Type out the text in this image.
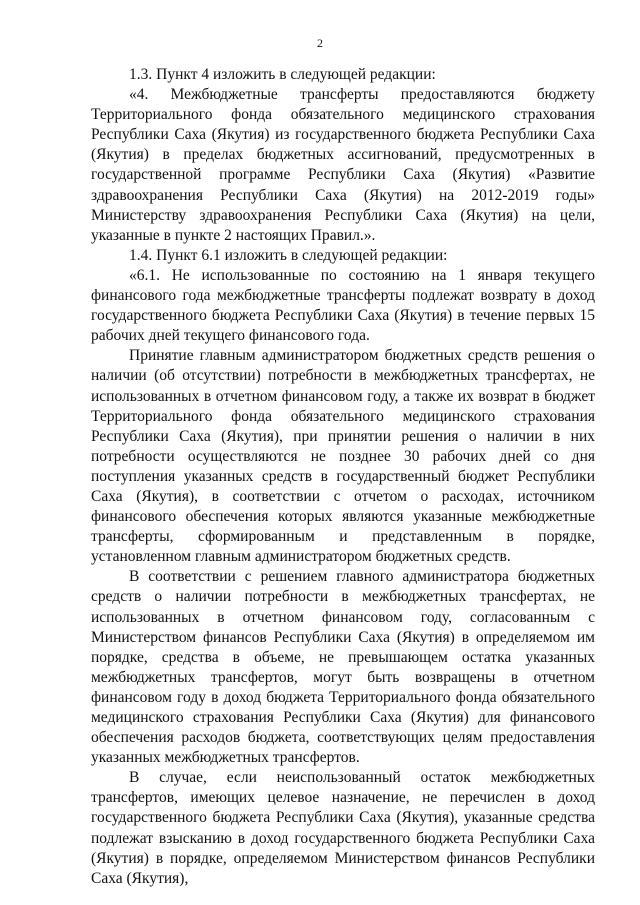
2

1.3. Пункт 4 изложить в следующей редакции:

«4. Межбюджетные трансферты предоставляются бюджету Территориального фонда обязательного медицинского страхования Республики Саха (Якутия) из государственного бюджета Республики Саха (Якутия) в пределах бюджетных ассигнований, предусмотренных в государственной программе Республики Саха (Якутия) «Развитие здравоохранения Республики Саха (Якутия) на 2012-2019 годы» Министерству здравоохранения Республики Саха (Якутия) на цели, указанные в пункте 2 настоящих Правил.».

1.4. Пункт 6.1 изложить в следующей редакции:

«6.1. Не использованные по состоянию на 1 января текущего финансового года межбюджетные трансферты подлежат возврату в доход государственного бюджета Республики Саха (Якутия) в течение первых 15 рабочих дней текущего финансового года.

Принятие главным администратором бюджетных средств решения о наличии (об отсутствии) потребности в межбюджетных трансфертах, не использованных в отчетном финансовом году, а также их возврат в бюджет Территориального фонда обязательного медицинского страхования Республики Саха (Якутия), при принятии решения о наличии в них потребности осуществляются не позднее 30 рабочих дней со дня поступления указанных средств в государственный бюджет Республики Саха (Якутия), в соответствии с отчетом о расходах, источником финансового обеспечения которых являются указанные межбюджетные трансферты, сформированным и представленным в порядке, установленном главным администратором бюджетных средств.

В соответствии с решением главного администратора бюджетных средств о наличии потребности в межбюджетных трансфертах, не использованных в отчетном финансовом году, согласованным с Министерством финансов Республики Саха (Якутия) в определяемом им порядке, средства в объеме, не превышающем остатка указанных межбюджетных трансфертов, могут быть возвращены в отчетном финансовом году в доход бюджета Территориального фонда обязательного медицинского страхования Республики Саха (Якутия) для финансового обеспечения расходов бюджета, соответствующих целям предоставления указанных межбюджетных трансфертов.

В случае, если неиспользованный остаток межбюджетных трансфертов, имеющих целевое назначение, не перечислен в доход государственного бюджета Республики Саха (Якутия), указанные средства подлежат взысканию в доход государственного бюджета Республики Саха (Якутия) в порядке, определяемом Министерством финансов Республики Саха (Якутия),
